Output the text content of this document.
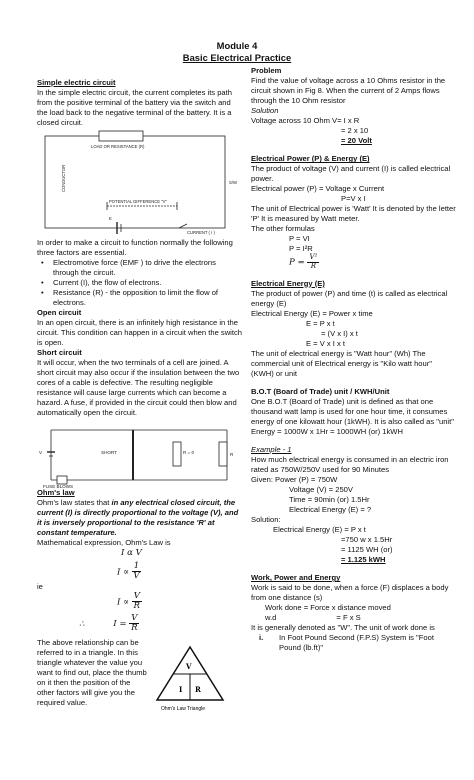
Module 4
Basic Electrical Practice
Simple electric circuit
In the simple electric circuit, the current completes its path from the positive terminal of the battery via the switch and the load back to the negative terminal of the battery. It is a closed circuit.
LOAD OR RESISTANCE (R)
CONDUCTOR
POTENTIAL DIFFERENCE "V"
CURRENT ( I )
S/W
E
In order to make a circuit to function normally the following three factors are essential.
• Electromotive force (EMF ) to drive the electrons through the circuit.
• Current (I), the flow of electrons.
• Resistance (R) - the opposition to limit the flow of electrons.
Open circuit
In an open circuit, there is an infinitely high resistance in the circuit. This condition can happen in a circuit when the switch is open.
Short circuit
It will occur, when the two terminals of a cell are joined. A short circuit may also occur if the insulation between the two cores of a cable is defective. The resulting negligible resistance will cause large currents which can become a hazard. A fuse, if provided in the circuit could then blow and automatically open the circuit.
V	SHORT	R = 0	R
FUSE BLOWS
Ohm's law
Ohm's law states that in any electrical closed circuit, the current (I) is directly proportional to the voltage (V), and it is inversely proportional to the resistance 'R' at constant temperature.
Mathematical expression, Ohm's Law is
I α V
$I \propto \frac{1}{V}$
ie
$I \propto \frac{V}{R}$
∴	$I = \frac{V}{R}$
The above relationship can be referred to in a triangle. In this triangle whatever the value you want to find out, place the thumb on it then the position of the other factors will give you the required value.
V
I R
Ohm's Law Triangle
Problem
Find the value of voltage across a 10 Ohms resistor in the circuit shown in Fig 8. When the current of 2 Amps flows through the 10 Ohm resistor
Solution
Voltage across 10 Ohm V= I x R
= 2 x 10
= 20 Volt
Electrical Power (P) & Energy (E)
The product of voltage (V) and current (I) is called electrical power.
Electrical power (P) = Voltage x Current
P=V x I
The unit of Electrical power is 'Watt' It is denoted by the letter 'P' It is measured by Watt meter.
The other formulas
P = VI
P = I²R
$P = \frac{\text{V²}}{R}$
Electrical Energy (E)
The product of power (P) and time (t) is called as electrical energy (E)
Electrical Energy (E) = Power x time
E = P x t
= (V x I) x t
E = V x I x t
The unit of electrical energy is "Watt hour" (Wh) The commercial unit of Electrical energy is "Kilo watt hour" (KWH) or unit
B.O.T (Board of Trade) unit / KWH/Unit
One B.O.T (Board of Trade) unit is defined as that one thousand watt lamp is used for one hour time, it consumes energy of one kilowatt hour (1kWH). It is also called as "unit"
Energy = 1000W x 1Hr = 1000WH (or) 1kWH
Example - 1
How much electrical energy is consumed in an electric iron rated as 750W/250V used for 90 Minutes
Given: Power (P) = 750W
Voltage (V) = 250V
Time = 90min (or) 1.5Hr
Electrical Energy (E) = ?
Solution:
Electrical Energy (E) = P x t
=750 w x 1.5Hr
= 1125 WH (or)
= 1.125 kWH
Work, Power and Energy
Work is said to be done, when a force (F) displaces a body from one distance (s)
Work done = Force x distance moved
w.d	= F x S
It is generally denoted as "W". The unit of work done is
i. In Foot Pound Second (F.P.S) System is "Foot Pound (lb.ft)"
